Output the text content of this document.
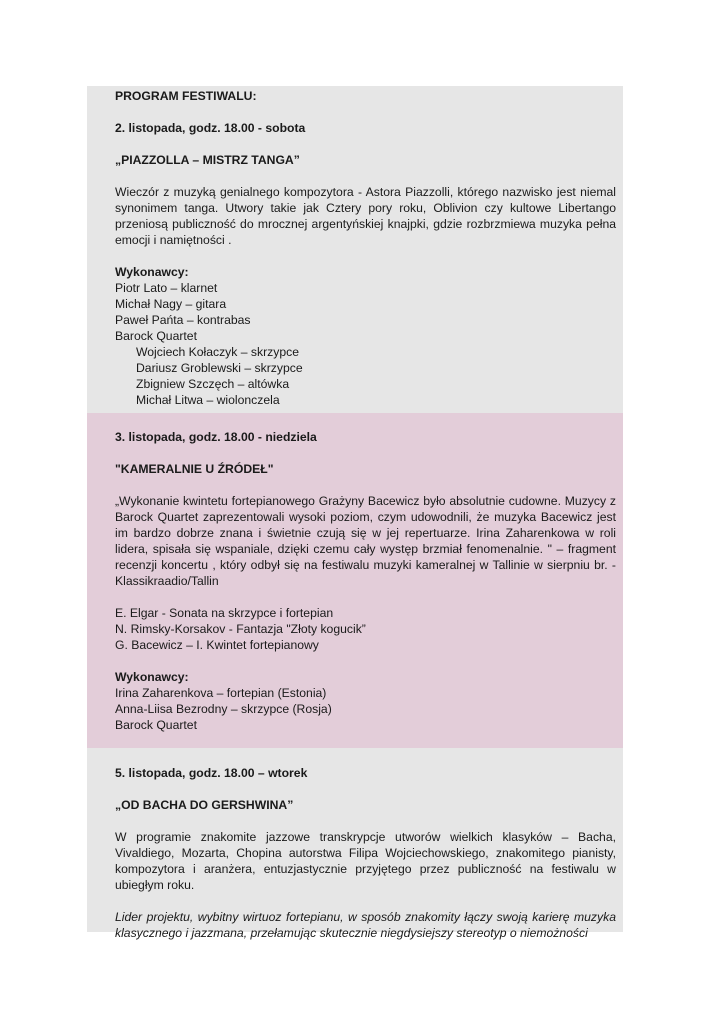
PROGRAM FESTIWALU:

2. listopada, godz. 18.00 - sobota

„PIAZZOLLA – MISTRZ TANGA”

Wieczór z muzyką genialnego kompozytora - Astora Piazzolli, którego nazwisko jest niemal synonimem tanga. Utwory takie jak Cztery pory roku, Oblivion czy kultowe Libertango przeniosą publiczność do mrocznej argentyńskiej knajpki, gdzie rozbrzmiewa muzyka pełna emocji i namiętności .

Wykonawcy:

Piotr Lato – klarnet
Michał Nagy – gitara
Paweł Pańta – kontrabas
Barock Quartet
Wojciech Kołaczyk – skrzypce
Dariusz Groblewski – skrzypce
Zbigniew Szczęch – altówka
Michał Litwa – wiolonczela

3. listopada, godz. 18.00 - niedziela

"KAMERALNIE U ŹRÓDEŁ"

„Wykonanie kwintetu fortepianowego Grażyny Bacewicz było absolutnie cudowne. Muzycy z Barock Quartet zaprezentowali wysoki poziom, czym udowodnili, że muzyka Bacewicz jest im bardzo dobrze znana i świetnie czują się w jej repertuarze. Irina Zaharenkowa w roli lidera, spisała się wspaniale, dzięki czemu cały występ brzmiał fenomenalnie. " – fragment recenzji koncertu , który odbył się na festiwalu muzyki kameralnej w Tallinie w sierpniu br. - Klassikraadio/Tallin

E. Elgar - Sonata na skrzypce i fortepian
N. Rimsky-Korsakov - Fantazja "Złoty kogucik”
G. Bacewicz – I. Kwintet fortepianowy

Wykonawcy:

Irina Zaharenkova – fortepian (Estonia)
Anna-Liisa Bezrodny – skrzypce (Rosja)
Barock Quartet

5. listopada, godz. 18.00 – wtorek

„OD BACHA DO GERSHWINA”

W programie znakomite jazzowe transkrypcje utworów wielkich klasyków – Bacha, Vivaldiego, Mozarta, Chopina autorstwa Filipa Wojciechowskiego, znakomitego pianisty, kompozytora i aranżera, entuzjastycznie przyjętego przez publiczność na festiwalu w ubiegłym roku.

Lider projektu, wybitny wirtuoz fortepianu, w sposób znakomity łączy swoją karierę muzyka klasycznego i jazzmana, przełamując skutecznie niegdysiejszy stereotyp o niemożności
